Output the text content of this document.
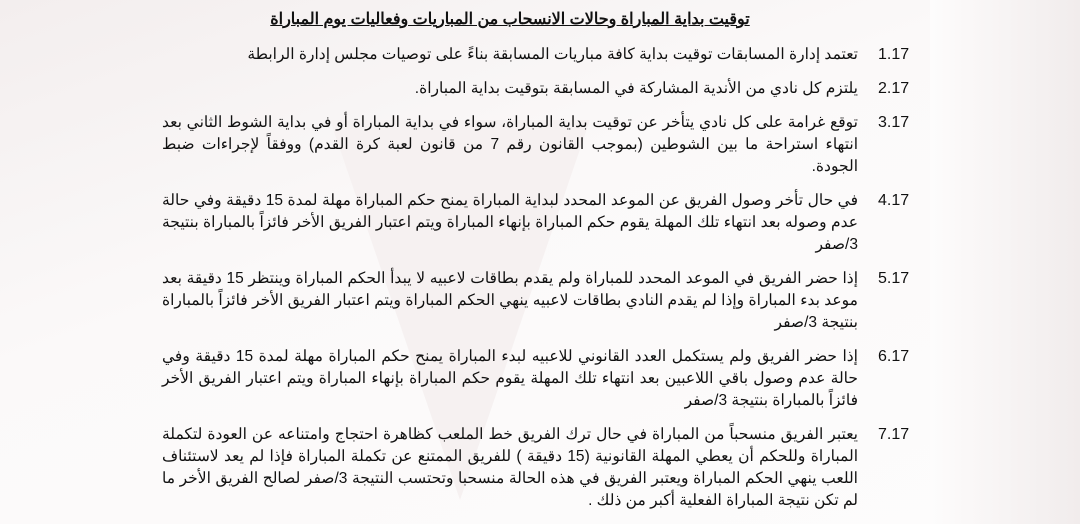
توقيت بداية المباراة وحالات الانسحاب من المباريات وفعاليات يوم المباراة
تعتمد إدارة المسابقات توقيت بداية كافة مباريات المسابقة بناءً على توصيات مجلس إدارة الرابطة 1.17
يلتزم كل نادي من الأندية المشاركة في المسابقة بتوقيت بداية المباراة. 2.17
توقع غرامة على كل نادي يتأخر عن توقيت بداية المباراة، سواء في بداية المباراة أو في بداية الشوط الثاني بعد انتهاء استراحة ما بين الشوطين (بموجب القانون رقم 7 من قانون لعبة كرة القدم) ووفقاً لإجراءات ضبط الجودة.
3.17
في حال تأخر وصول الفريق عن الموعد المحدد لبداية المباراة يمنح حكم المباراة مهلة لمدة 15 دقيقة وفي حالة عدم وصوله بعد انتهاء تلك المهلة يقوم حكم المباراة بإنهاء المباراة ويتم اعتبار الفريق الأخر فائزاً بالمباراة بنتيجة 3/صفر
4.17
إذا حضر الفريق في الموعد المحدد للمباراة ولم يقدم بطاقات لاعبيه لا يبدأ الحكم المباراة وينتظر 15 دقيقة بعد موعد بدء المباراة وإذا لم يقدم النادي بطاقات لاعبيه ينهي الحكم المباراة ويتم اعتبار الفريق الأخر فائزاً بالمباراة بنتيجة 3/صفر
5.17
إذا حضر الفريق ولم يستكمل العدد القانوني للاعبيه لبدء المباراة يمنح حكم المباراة مهلة لمدة 15 دقيقة وفي حالة عدم وصول باقي اللاعبين بعد انتهاء تلك المهلة يقوم حكم المباراة بإنهاء المباراة ويتم اعتبار الفريق الأخر فائزاً بالمباراة بنتيجة 3/صفر
6.17
يعتبر الفريق منسحباً من المباراة في حال ترك الفريق خط الملعب كظاهرة احتجاج وامتناعه عن العودة لتكملة المباراة وللحكم أن يعطي المهلة القانونية (15 دقيقة ) للفريق الممتنع عن تكملة المباراة فإذا لم يعد لاستئناف اللعب ينهي الحكم المباراة ويعتبر الفريق في هذه الحالة منسحبا وتحتسب النتيجة 3/صفر لصالح الفريق الأخر ما لم تكن نتيجة المباراة الفعلية أكبر من ذلك .
7.17
